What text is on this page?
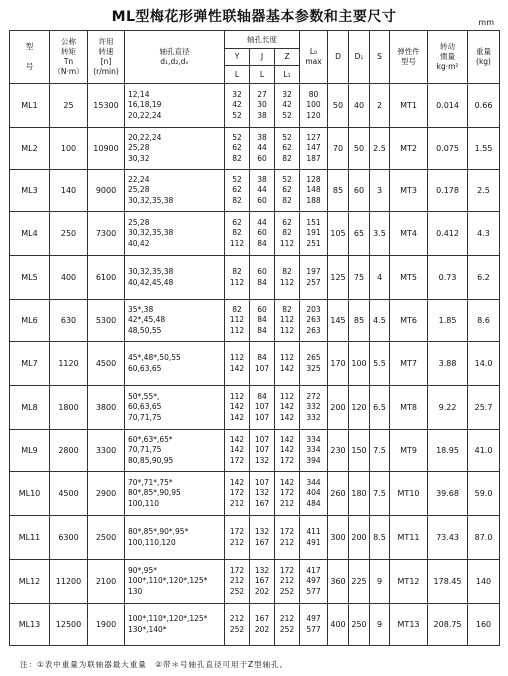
ML型梅花形弹性联轴器基本参数和主要尺寸	mm
型

号	公称
转矩
Tn
（N·m）	许用
转速
[n]
(r/min)	轴孔直径
d₁,d₂,dₓ	轴孔长度			L₀
max	D	D₁	S	弹性件
型号	转动
惯量
kg·m²	重量
(kg)

				Y	J	Z							
				L	L	L₁							
ML1	25	15300	12,14
16,18,19
20,22,24	32
42
52	27
30
38	32
42
52	80
100
120	50	40	2	MT1	0.014	0.66
ML2	100	10900	20,22,24
25,28
30,32	52
62
82	38
44
60	52
62
82	127
147
187	70	50	2.5	MT2	0.075	1.55
ML3	140	9000	22,24
25,28
30,32,35,38	52
62
82	38
44
60	52
62
82	128
148
188	85	60	3	MT3	0.178	2.5
ML4	250	7300	25,28
30,32,35,38
40,42	62
82
112	44
60
84	62
82
112	151
191
251	105	65	3.5	MT4	0.412	4.3
ML5	400	6100	30,32,35,38
40,42,45,48	82
112	60
84	82
112	197
257	125	75	4	MT5	0.73	6.2
ML6	630	5300	35*,38
42*,45,48
48,50,55	82
112
112	60
84
84	82
112
112	203
263
263	145	85	4.5	MT6	1.85	8.6
ML7	1120	4500	45*,48*,50,55
60,63,65	112
142	84
107	112
142	265
325	170	100	5.5	MT7	3.88	14.0
ML8	1800	3800	50*,55*,
60,63,65
70,71,75	112
142
142	84
107
107	112
142
142	272
332
332	200	120	6.5	MT8	9.22	25.7
ML9	2800	3300	60*,63*,65*
70,71,75
80,85,90,95	142
142
172	107
107
132	142
142
172	334
334
394	230	150	7.5	MT9	18.95	41.0
ML10	4500	2900	70*,71*,75*
80*,85*,90,95
100,110	142
172
212	107
132
167	142
172
212	344
404
484	260	180	7.5	MT10	39.68	59.0
ML11	6300	2500	80*,85*,90*,95*
100,110,120	172
212	132
167	172
212	411
491	300	200	8.5	MT11	73.43	87.0
ML12	11200	2100	90*,95*
100*,110*,120*,125*
130	172
212
252	132
167
202	172
212
252	417
497
577	360	225	9	MT12	178.45	140
ML13	12500	1900	100*,110*,120*,125*
130*,140*	212
252	167
202	212
252	497
577	400	250	9	MT13	208.75	160
注：①表中重量为联轴器最大重量　②带＊号轴孔直径可用于Z型轴孔。
